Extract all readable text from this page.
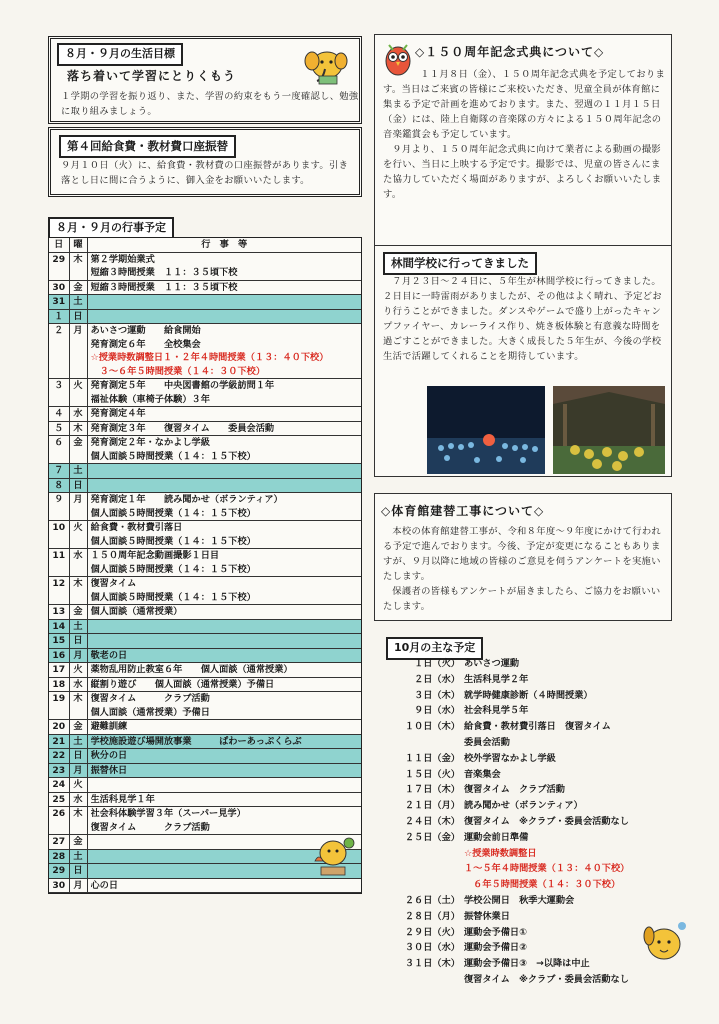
８月・９月の生活目標
落ち着いて学習にとりくもう
１学期の学習を振り返り、また、学習の約束をもう一度確認し、勉強に取り組みましょう。
第４回給食費・教材費口座振替
９月１０日（火）に、給食費・教材費の口座振替があります。引き落とし日に間に合うように、御入金をお願いいたします。
８月・９月の行事予定
日	曜	行　事　等
29	木	第２学期始業式
短縮３時間授業　１１：３５頃下校

30	金	短縮３時間授業　１１：３５頃下校

31	土	

１	日	

２	月	あいさつ運動　　給食開始
発育測定６年　　全校集会
☆授業時数調整日１・２年４時間授業（１３：４０下校）
　３～６年５時間授業（１４：３０下校）

３	火	発育測定５年　　中央図書館の学級訪問１年
福祉体験（車椅子体験）３年

４	水	発育測定４年

５	木	発育測定３年　　復習タイム　　委員会活動

６	金	発育測定２年・なかよし学級
個人面談５時間授業（１４：１５下校）

７	土	

８	日	

９	月	発育測定１年　　読み聞かせ（ボランティア）
個人面談５時間授業（１４：１５下校）

10	火	給食費・教材費引落日
個人面談５時間授業（１４：１５下校）

11	水	１５０周年記念動画撮影１日目
個人面談５時間授業（１４：１５下校）

12	木	復習タイム
個人面談５時間授業（１４：１５下校）

13	金	個人面談（通常授業）

14	土	

15	日	

16	月	敬老の日

17	火	薬物乱用防止教室６年　　個人面談（通常授業）

18	水	縦割り遊び　　個人面談（通常授業）予備日

19	木	復習タイム　　　クラブ活動
個人面談（通常授業）予備日

20	金	避難訓練

21	土	学校施設遊び場開放事業　　　ぱわーあっぷくらぶ

22	日	秋分の日

23	月	振替休日

24	火	

25	水	生活科見学１年

26	木	社会科体験学習３年（スーパー見学）
復習タイム　　　クラブ活動

27	金	

28	土	

29	日	

30	月	心の日
◇１５０周年記念式典について◇

１１月８日（金）、１５０周年記念式典を予定しております。当日はご来賓の皆様にご来校いただき、児童全員が体育館に集まる予定で計画を進めております。また、翌週の１１月１５日（金）には、陸上自衛隊の音楽隊の方々による１５０周年記念の音楽鑑賞会も予定しています。

９月より、１５０周年記念式典に向けて業者による動画の撮影を行い、当日に上映する予定です。撮影では、児童の皆さんにまた協力していただく場面がありますが、よろしくお願いいたします。

林間学校に行ってきました
７月２３日～２４日に、５年生が林間学校に行ってきました。２日目に一時雷雨がありましたが、その他はよく晴れ、予定どおり行うことができました。ダンスやゲームで盛り上がったキャンプファイヤー、カレーライス作り、焼き板体験と有意義な時間を過ごすことができました。大きく成長した５年生が、今後の学校生活で活躍してくれることを期待しています。
◇体育館建替工事について◇

本校の体育館建替工事が、令和８年度～９年度にかけて行われる予定で進んでおります。今後、予定が変更になることもありますが、９月以降に地域の皆様のご意見を伺うアンケートを実施いたします。

保護者の皆様もアンケートが届きましたら、ご協力をお願いいたします。

10月の主な予定
１日（火） あいさつ運動
２日（水） 生活科見学２年
３日（木） 就学時健康診断（４時間授業）
９日（水） 社会科見学５年
１０日（木） 給食費・教材費引落日　復習タイム
委員会活動
１１日（金） 校外学習なかよし学級
１５日（火） 音楽集会
１７日（木） 復習タイム　クラブ活動
２１日（月） 読み聞かせ（ボランティア）
２４日（木） 復習タイム　※クラブ・委員会活動なし
２５日（金） 運動会前日準備
☆授業時数調整日
１～５年４時間授業（１３：４０下校）
　６年５時間授業（１４：３０下校）
２６日（土） 学校公開日　秋季大運動会
２８日（月） 振替休業日
２９日（火） 運動会予備日①
３０日（水） 運動会予備日②
３１日（木） 運動会予備日③　→以降は中止
復習タイム　※クラブ・委員会活動なし
